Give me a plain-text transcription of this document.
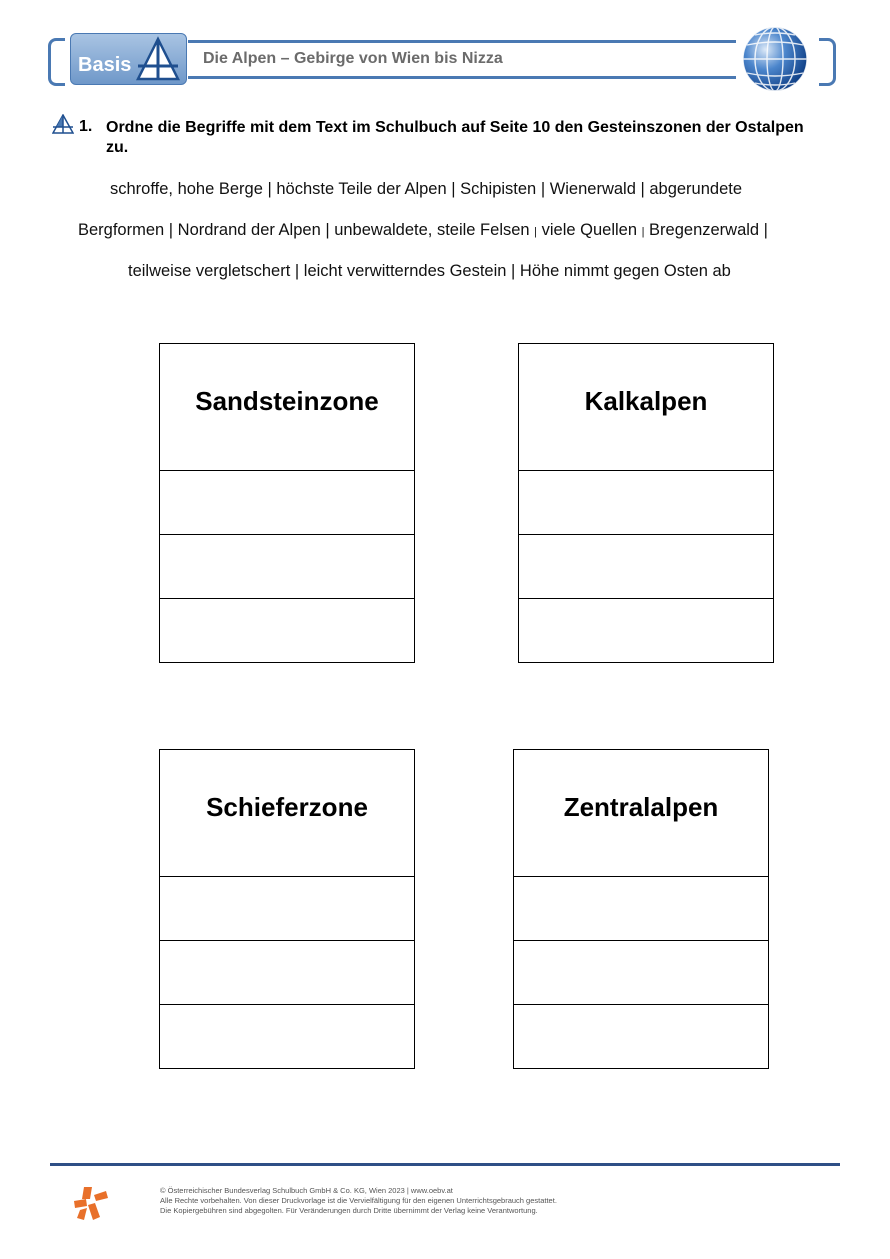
Basis	Die Alpen – Gebirge von Wien bis Nizza
1. Ordne die Begriffe mit dem Text im Schulbuch auf Seite 10 den Gesteinszonen der Ostalpen zu.
schroffe, hohe Berge | höchste Teile der Alpen | Schipisten | Wienerwald | abgerundete
Bergformen | Nordrand der Alpen | unbewaldete, steile Felsen | viele Quellen | Bregenzerwald |
teilweise vergletschert | leicht verwitterndes Gestein | Höhe nimmt gegen Osten ab
Sandsteinzone	Kalkalpen
Schieferzone	Zentralalpen
© Österreichischer Bundesverlag Schulbuch GmbH & Co. KG, Wien 2023 | www.oebv.at
Alle Rechte vorbehalten. Von dieser Druckvorlage ist die Vervielfältigung für den eigenen Unterrichtsgebrauch gestattet.
Die Kopiergebühren sind abgegolten. Für Veränderungen durch Dritte übernimmt der Verlag keine Verantwortung.
